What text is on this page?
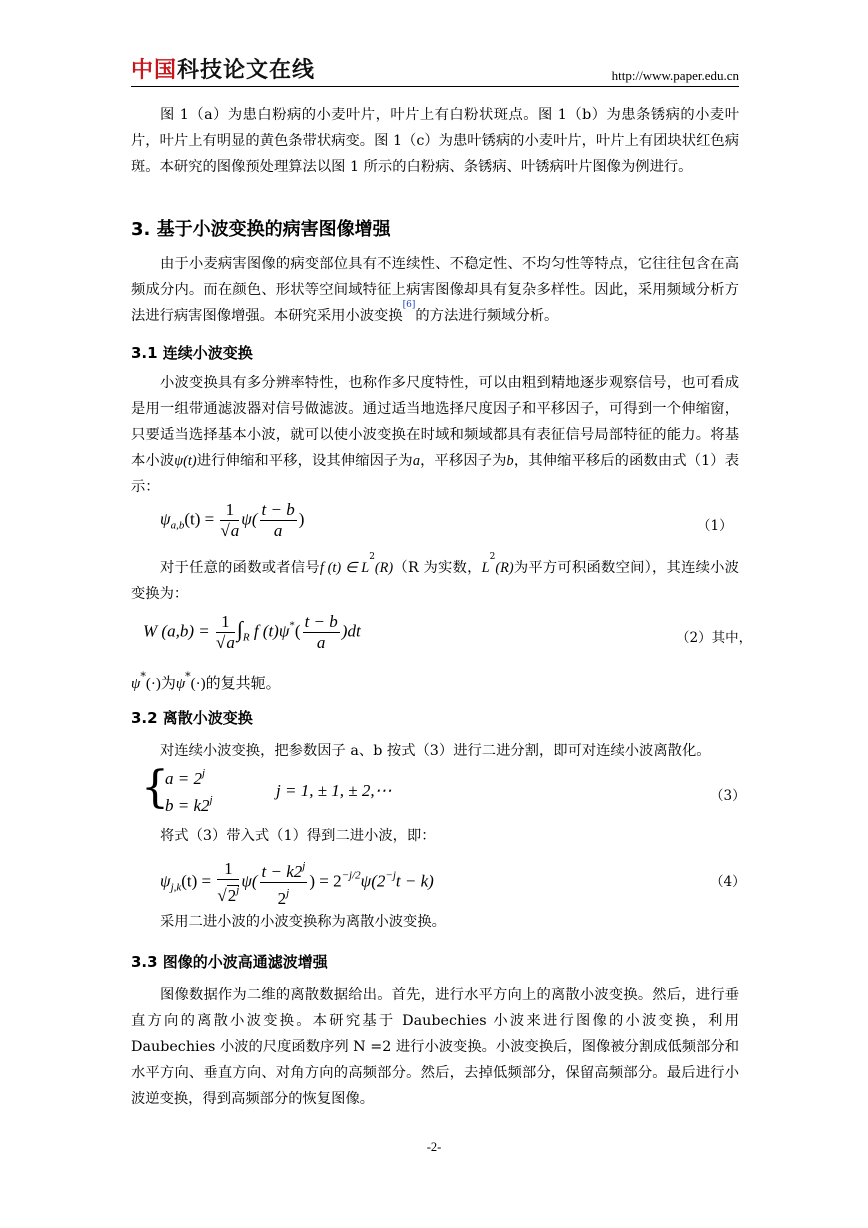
中国科技论文在线	http://www.paper.edu.cn
图 1（a）为患白粉病的小麦叶片，叶片上有白粉状斑点。图 1（b）为患条锈病的小麦叶片，叶片上有明显的黄色条带状病变。图 1（c）为患叶锈病的小麦叶片，叶片上有团块状红色病斑。本研究的图像预处理算法以图 1 所示的白粉病、条锈病、叶锈病叶片图像为例进行。
3. 基于小波变换的病害图像增强
由于小麦病害图像的病变部位具有不连续性、不稳定性、不均匀性等特点，它往往包含在高频成分内。而在颜色、形状等空间域特征上病害图像却具有复杂多样性。因此，采用频域分析方法进行病害图像增强。本研究采用小波变换[6]的方法进行频域分析。
3.1 连续小波变换
小波变换具有多分辨率特性，也称作多尺度特性，可以由粗到精地逐步观察信号，也可看成是用一组带通滤波器对信号做滤波。通过适当地选择尺度因子和平移因子，可得到一个伸缩窗，只要适当选择基本小波，就可以使小波变换在时域和频域都具有表征信号局部特征的能力。将基本小波ψ(t)进行伸缩和平移，设其伸缩因子为a，平移因子为b，其伸缩平移后的函数由式（1）表示：
$\psi_{a,b}(t) = \frac{1}{√a} \psi( \frac{t - b}{a}$ )	（1）
对于任意的函数或者信号f (t) ∈ $L^2(R)(R$ 为实数，$L^2(R)$为平方可积函数空间），其连续小波变换为：
W $(a,b) = \frac{1}{√a} \int_R$ f $(t)\psi^*( \frac{t - b}{a} )dt$	（2）其中，
ψ*(·)为ψ*(·)的复共轭。
3.2 离散小波变换
对连续小波变换，把参数因子 a、b 按式（3）进行二进分割，即可对连续小波离散化。
{
$a = 2^j$
$b = k2^j$	j = 1, ± 1, ± 2,⋯	（3）
将式（3）带入式（1）得到二进小波，即：
$\psi_{j,k}(t) = \frac{1}{√2^j} \psi( \frac{t - k2^j}{2^j}$ ) = $2^{-j/2}\psi(2^{-j}t - k)$	（4）
采用二进小波的小波变换称为离散小波变换。
3.3 图像的小波高通滤波增强
图像数据作为二维的离散数据给出。首先，进行水平方向上的离散小波变换。然后，进行垂直方向的离散小波变换。本研究基于 Daubechies 小波来进行图像的小波变换，利用 Daubechies 小波的尺度函数序列 N =2 进行小波变换。小波变换后，图像被分割成低频部分和水平方向、垂直方向、对角方向的高频部分。然后，去掉低频部分，保留高频部分。最后进行小波逆变换，得到高频部分的恢复图像。
-2-
